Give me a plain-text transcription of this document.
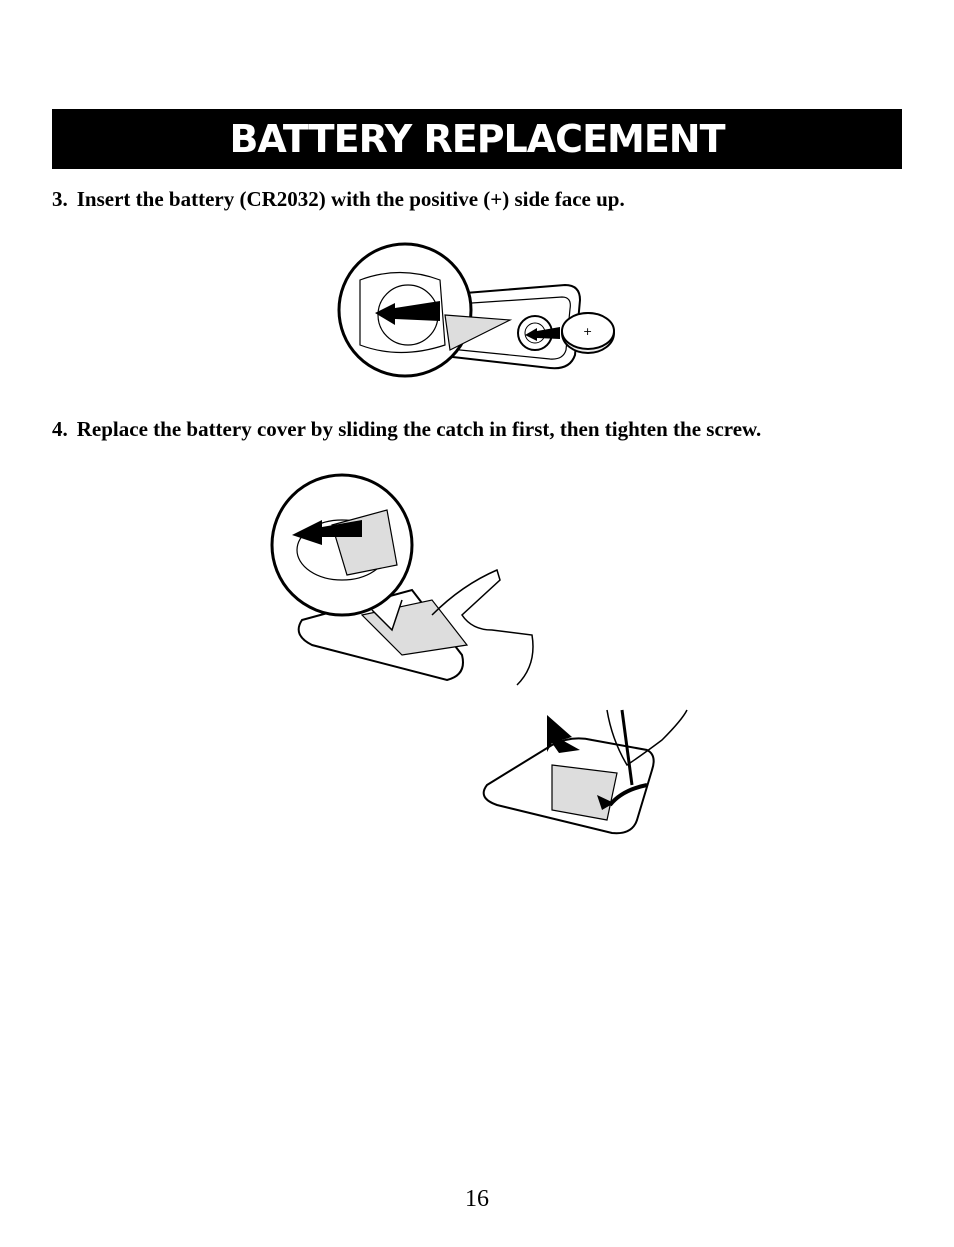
BATTERY REPLACEMENT

3. Insert the battery (CR2032) with the positive (+) side face up.

+

4. Replace the battery cover by sliding the catch in first, then tighten the screw.

16
